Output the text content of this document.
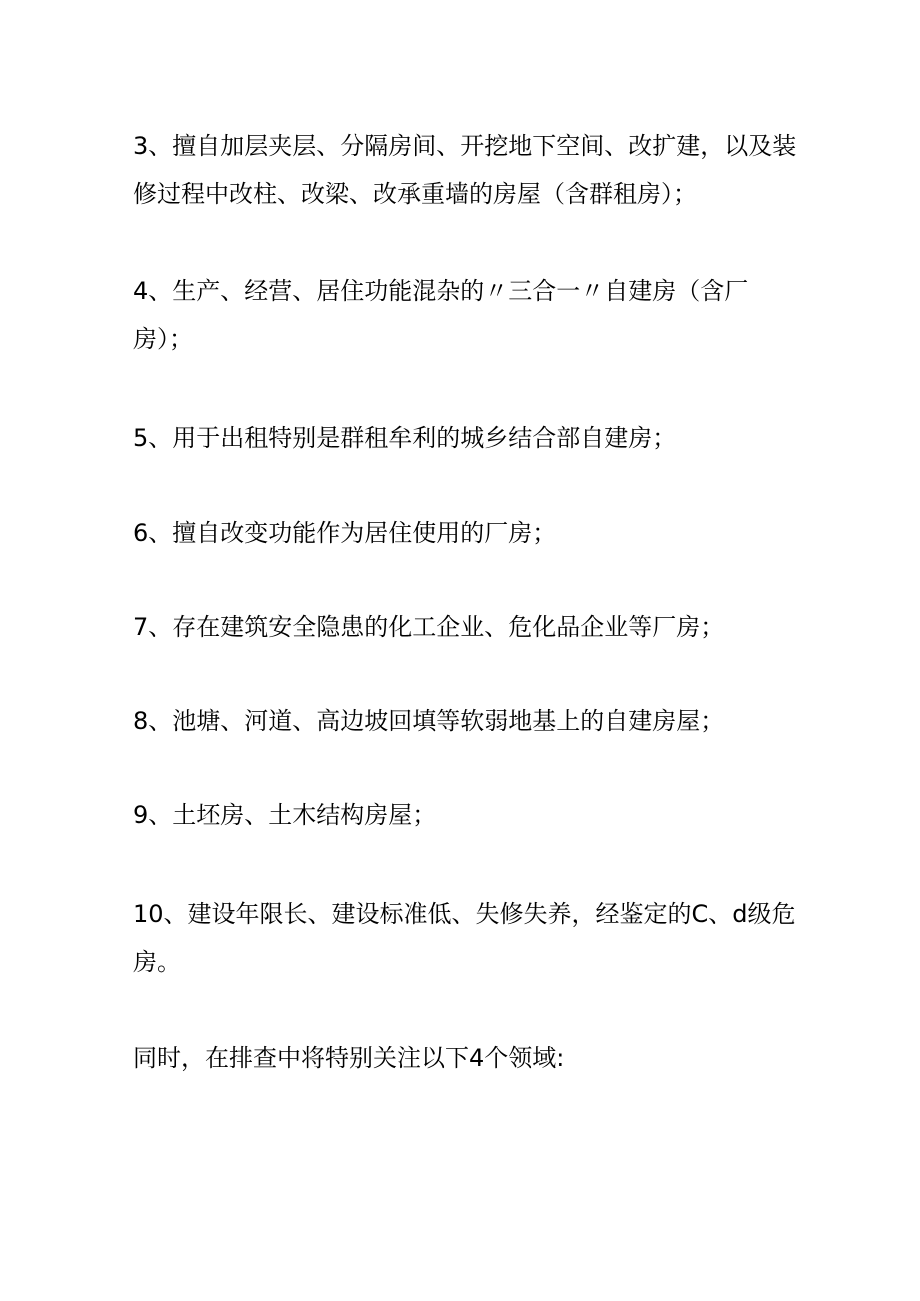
3、擅自加层夹层、分隔房间、开挖地下空间、改扩建，以及装
修过程中改柱、改梁、改承重墙的房屋（含群租房）；

4、生产、经营、居住功能混杂的〃三合一〃自建房（含厂
房）；

5、用于出租特别是群租牟利的城乡结合部自建房；

6、擅自改变功能作为居住使用的厂房；

7、存在建筑安全隐患的化工企业、危化品企业等厂房；

8、池塘、河道、高边坡回填等软弱地基上的自建房屋；

9、土坯房、土木结构房屋；

10、建设年限长、建设标准低、失修失养，经鉴定的C、d级危
房。

同时，在排查中将特别关注以下4个领域:
